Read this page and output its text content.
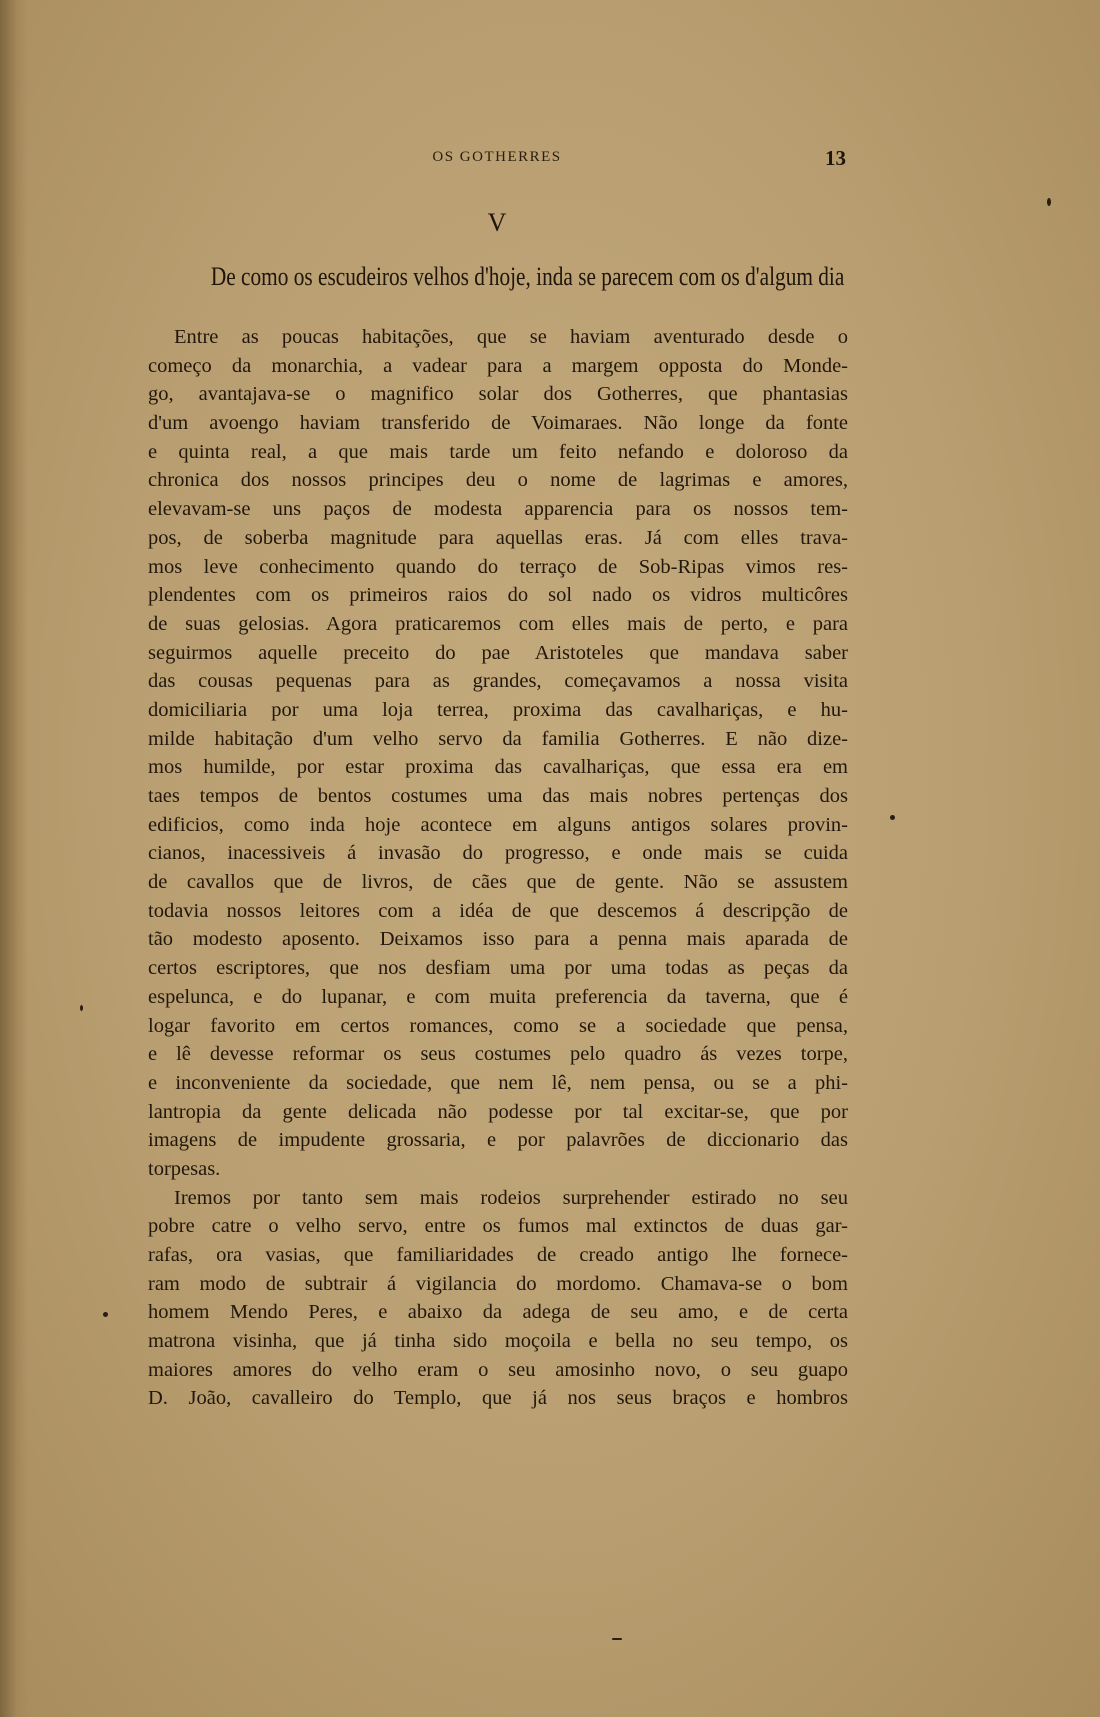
OS GOTHERRES	13
V
De como os escudeiros velhos d'hoje, inda se parecem com os d'algum dia
Entre as poucas habitações, que se haviam aventurado desde o
começo da monarchia, a vadear para a margem opposta do Monde-
go, avantajava-se o magnifico solar dos Gotherres, que phantasias
d'um avoengo haviam transferido de Voimaraes. Não longe da fonte
e quinta real, a que mais tarde um feito nefando e doloroso da
chronica dos nossos principes deu o nome de lagrimas e amores,
elevavam-se uns paços de modesta apparencia para os nossos tem-
pos, de soberba magnitude para aquellas eras. Já com elles trava-
mos leve conhecimento quando do terraço de Sob-Ripas vimos res-
plendentes com os primeiros raios do sol nado os vidros multicôres
de suas gelosias. Agora praticaremos com elles mais de perto, e para
seguirmos aquelle preceito do pae Aristoteles que mandava saber
das cousas pequenas para as grandes, começavamos a nossa visita
domiciliaria por uma loja terrea, proxima das cavalhariças, e hu-
milde habitação d'um velho servo da familia Gotherres. E não dize-
mos humilde, por estar proxima das cavalhariças, que essa era em
taes tempos de bentos costumes uma das mais nobres pertenças dos
edificios, como inda hoje acontece em alguns antigos solares provin-
cianos, inacessiveis á invasão do progresso, e onde mais se cuida
de cavallos que de livros, de cães que de gente. Não se assustem
todavia nossos leitores com a idéa de que descemos á descripção de
tão modesto aposento. Deixamos isso para a penna mais aparada de
certos escriptores, que nos desfiam uma por uma todas as peças da
espelunca, e do lupanar, e com muita preferencia da taverna, que é
logar favorito em certos romances, como se a sociedade que pensa,
e lê devesse reformar os seus costumes pelo quadro ás vezes torpe,
e inconveniente da sociedade, que nem lê, nem pensa, ou se a phi-
lantropia da gente delicada não podesse por tal excitar-se, que por
imagens de impudente grossaria, e por palavrões de diccionario das
torpesas.
Iremos por tanto sem mais rodeios surprehender estirado no seu
pobre catre o velho servo, entre os fumos mal extinctos de duas gar-
rafas, ora vasias, que familiaridades de creado antigo lhe fornece-
ram modo de subtrair á vigilancia do mordomo. Chamava-se o bom
homem Mendo Peres, e abaixo da adega de seu amo, e de certa
matrona visinha, que já tinha sido moçoila e bella no seu tempo, os
maiores amores do velho eram o seu amosinho novo, o seu guapo
D. João, cavalleiro do Templo, que já nos seus braços e hombros
